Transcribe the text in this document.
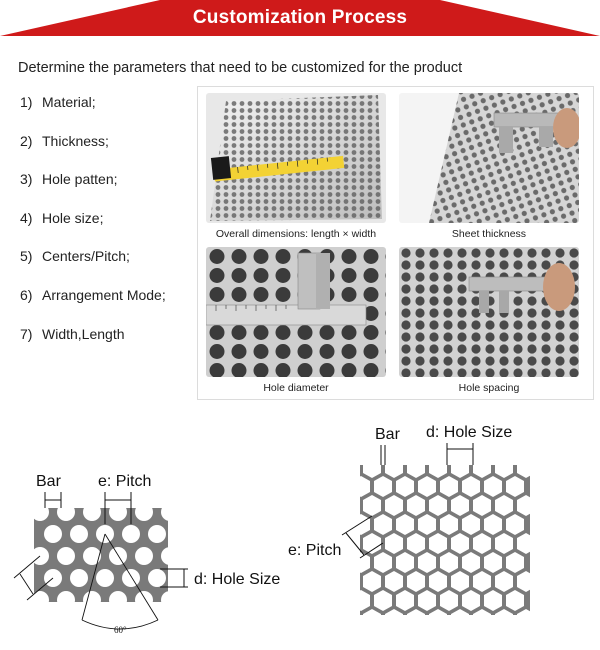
Customization Process
Determine the parameters that need to be customized for the product
1) Material;
2) Thickness;
3) Hole patten;
4) Hole size;
5) Centers/Pitch;
6) Arrangement Mode;
7) Width,Length
Overall dimensions: length × width	Sheet thickness
Hole diameter	Hole spacing
Bar e: Pitch
d: Hole Size
60°
Bar d: Hole Size
e: Pitch
